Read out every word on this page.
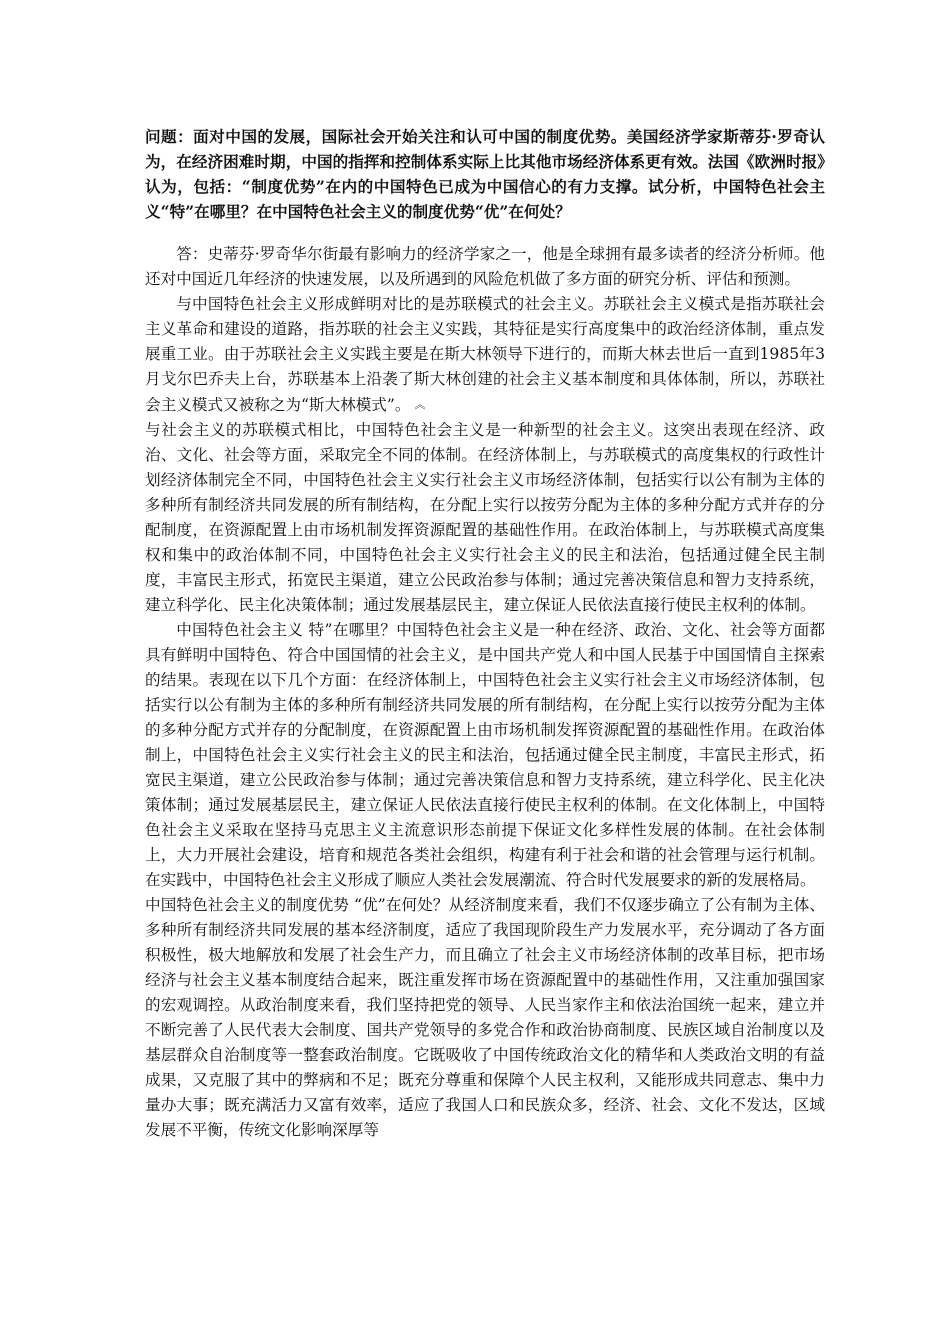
问题：面对中国的发展，国际社会开始关注和认可中国的制度优势。美国经济学家斯蒂芬·罗奇认为，在经济困难时期，中国的指挥和控制体系实际上比其他市场经济体系更有效。法国《欧洲时报》认为，包括：“制度优势”在内的中国特色已成为中国信心的有力支撑。试分析，中国特色社会主义“特”在哪里？在中国特色社会主义的制度优势“优”在何处？

答：史蒂芬·罗奇华尔街最有影响力的经济学家之一，他是全球拥有最多读者的经济分析师。他还对中国近几年经济的快速发展，以及所遇到的风险危机做了多方面的研究分析、评估和预测。

与中国特色社会主义形成鲜明对比的是苏联模式的社会主义。苏联社会主义模式是指苏联社会主义革命和建设的道路，指苏联的社会主义实践，其特征是实行高度集中的政治经济体制，重点发展重工业。由于苏联社会主义实践主要是在斯大林领导下进行的，而斯大林去世后一直到1985年3月戈尔巴乔夫上台，苏联基本上沿袭了斯大林创建的社会主义基本制度和具体体制，所以，苏联社会主义模式又被称之为“斯大林模式”。 ︽

与社会主义的苏联模式相比，中国特色社会主义是一种新型的社会主义。这突出表现在经济、政治、文化、社会等方面，采取完全不同的体制。在经济体制上，与苏联模式的高度集权的行政性计划经济体制完全不同，中国特色社会主义实行社会主义市场经济体制，包括实行以公有制为主体的多种所有制经济共同发展的所有制结构，在分配上实行以按劳分配为主体的多种分配方式并存的分配制度，在资源配置上由市场机制发挥资源配置的基础性作用。在政治体制上，与苏联模式高度集权和集中的政治体制不同，中国特色社会主义实行社会主义的民主和法治，包括通过健全民主制度，丰富民主形式，拓宽民主渠道，建立公民政治参与体制；通过完善决策信息和智力支持系统，建立科学化、民主化决策体制；通过发展基层民主，建立保证人民依法直接行使民主权利的体制。

中国特色社会主义 特”在哪里？中国特色社会主义是一种在经济、政治、文化、社会等方面都具有鲜明中国特色、符合中国国情的社会主义，是中国共产党人和中国人民基于中国国情自主探索的结果。表现在以下几个方面：在经济体制上，中国特色社会主义实行社会主义市场经济体制，包括实行以公有制为主体的多种所有制经济共同发展的所有制结构，在分配上实行以按劳分配为主体的多种分配方式并存的分配制度，在资源配置上由市场机制发挥资源配置的基础性作用。在政治体制上，中国特色社会主义实行社会主义的民主和法治，包括通过健全民主制度，丰富民主形式，拓宽民主渠道，建立公民政治参与体制；通过完善决策信息和智力支持系统，建立科学化、民主化决策体制；通过发展基层民主，建立保证人民依法直接行使民主权利的体制。在文化体制上，中国特色社会主义采取在坚持马克思主义主流意识形态前提下保证文化多样性发展的体制。在社会体制上，大力开展社会建设，培育和规范各类社会组织，构建有利于社会和谐的社会管理与运行机制。在实践中，中国特色社会主义形成了顺应人类社会发展潮流、符合时代发展要求的新的发展格局。

中国特色社会主义的制度优势 “优”在何处？从经济制度来看，我们不仅逐步确立了公有制为主体、多种所有制经济共同发展的基本经济制度，适应了我国现阶段生产力发展水平，充分调动了各方面积极性，极大地解放和发展了社会生产力，而且确立了社会主义市场经济体制的改革目标，把市场经济与社会主义基本制度结合起来，既注重发挥市场在资源配置中的基础性作用，又注重加强国家的宏观调控。从政治制度来看，我们坚持把党的领导、人民当家作主和依法治国统一起来，建立并不断完善了人民代表大会制度、国共产党领导的多党合作和政治协商制度、民族区域自治制度以及基层群众自治制度等一整套政治制度。它既吸收了中国传统政治文化的精华和人类政治文明的有益成果，又克服了其中的弊病和不足；既充分尊重和保障个人民主权利，又能形成共同意志、集中力量办大事；既充满活力又富有效率，适应了我国人口和民族众多，经济、社会、文化不发达，区域发展不平衡，传统文化影响深厚等
